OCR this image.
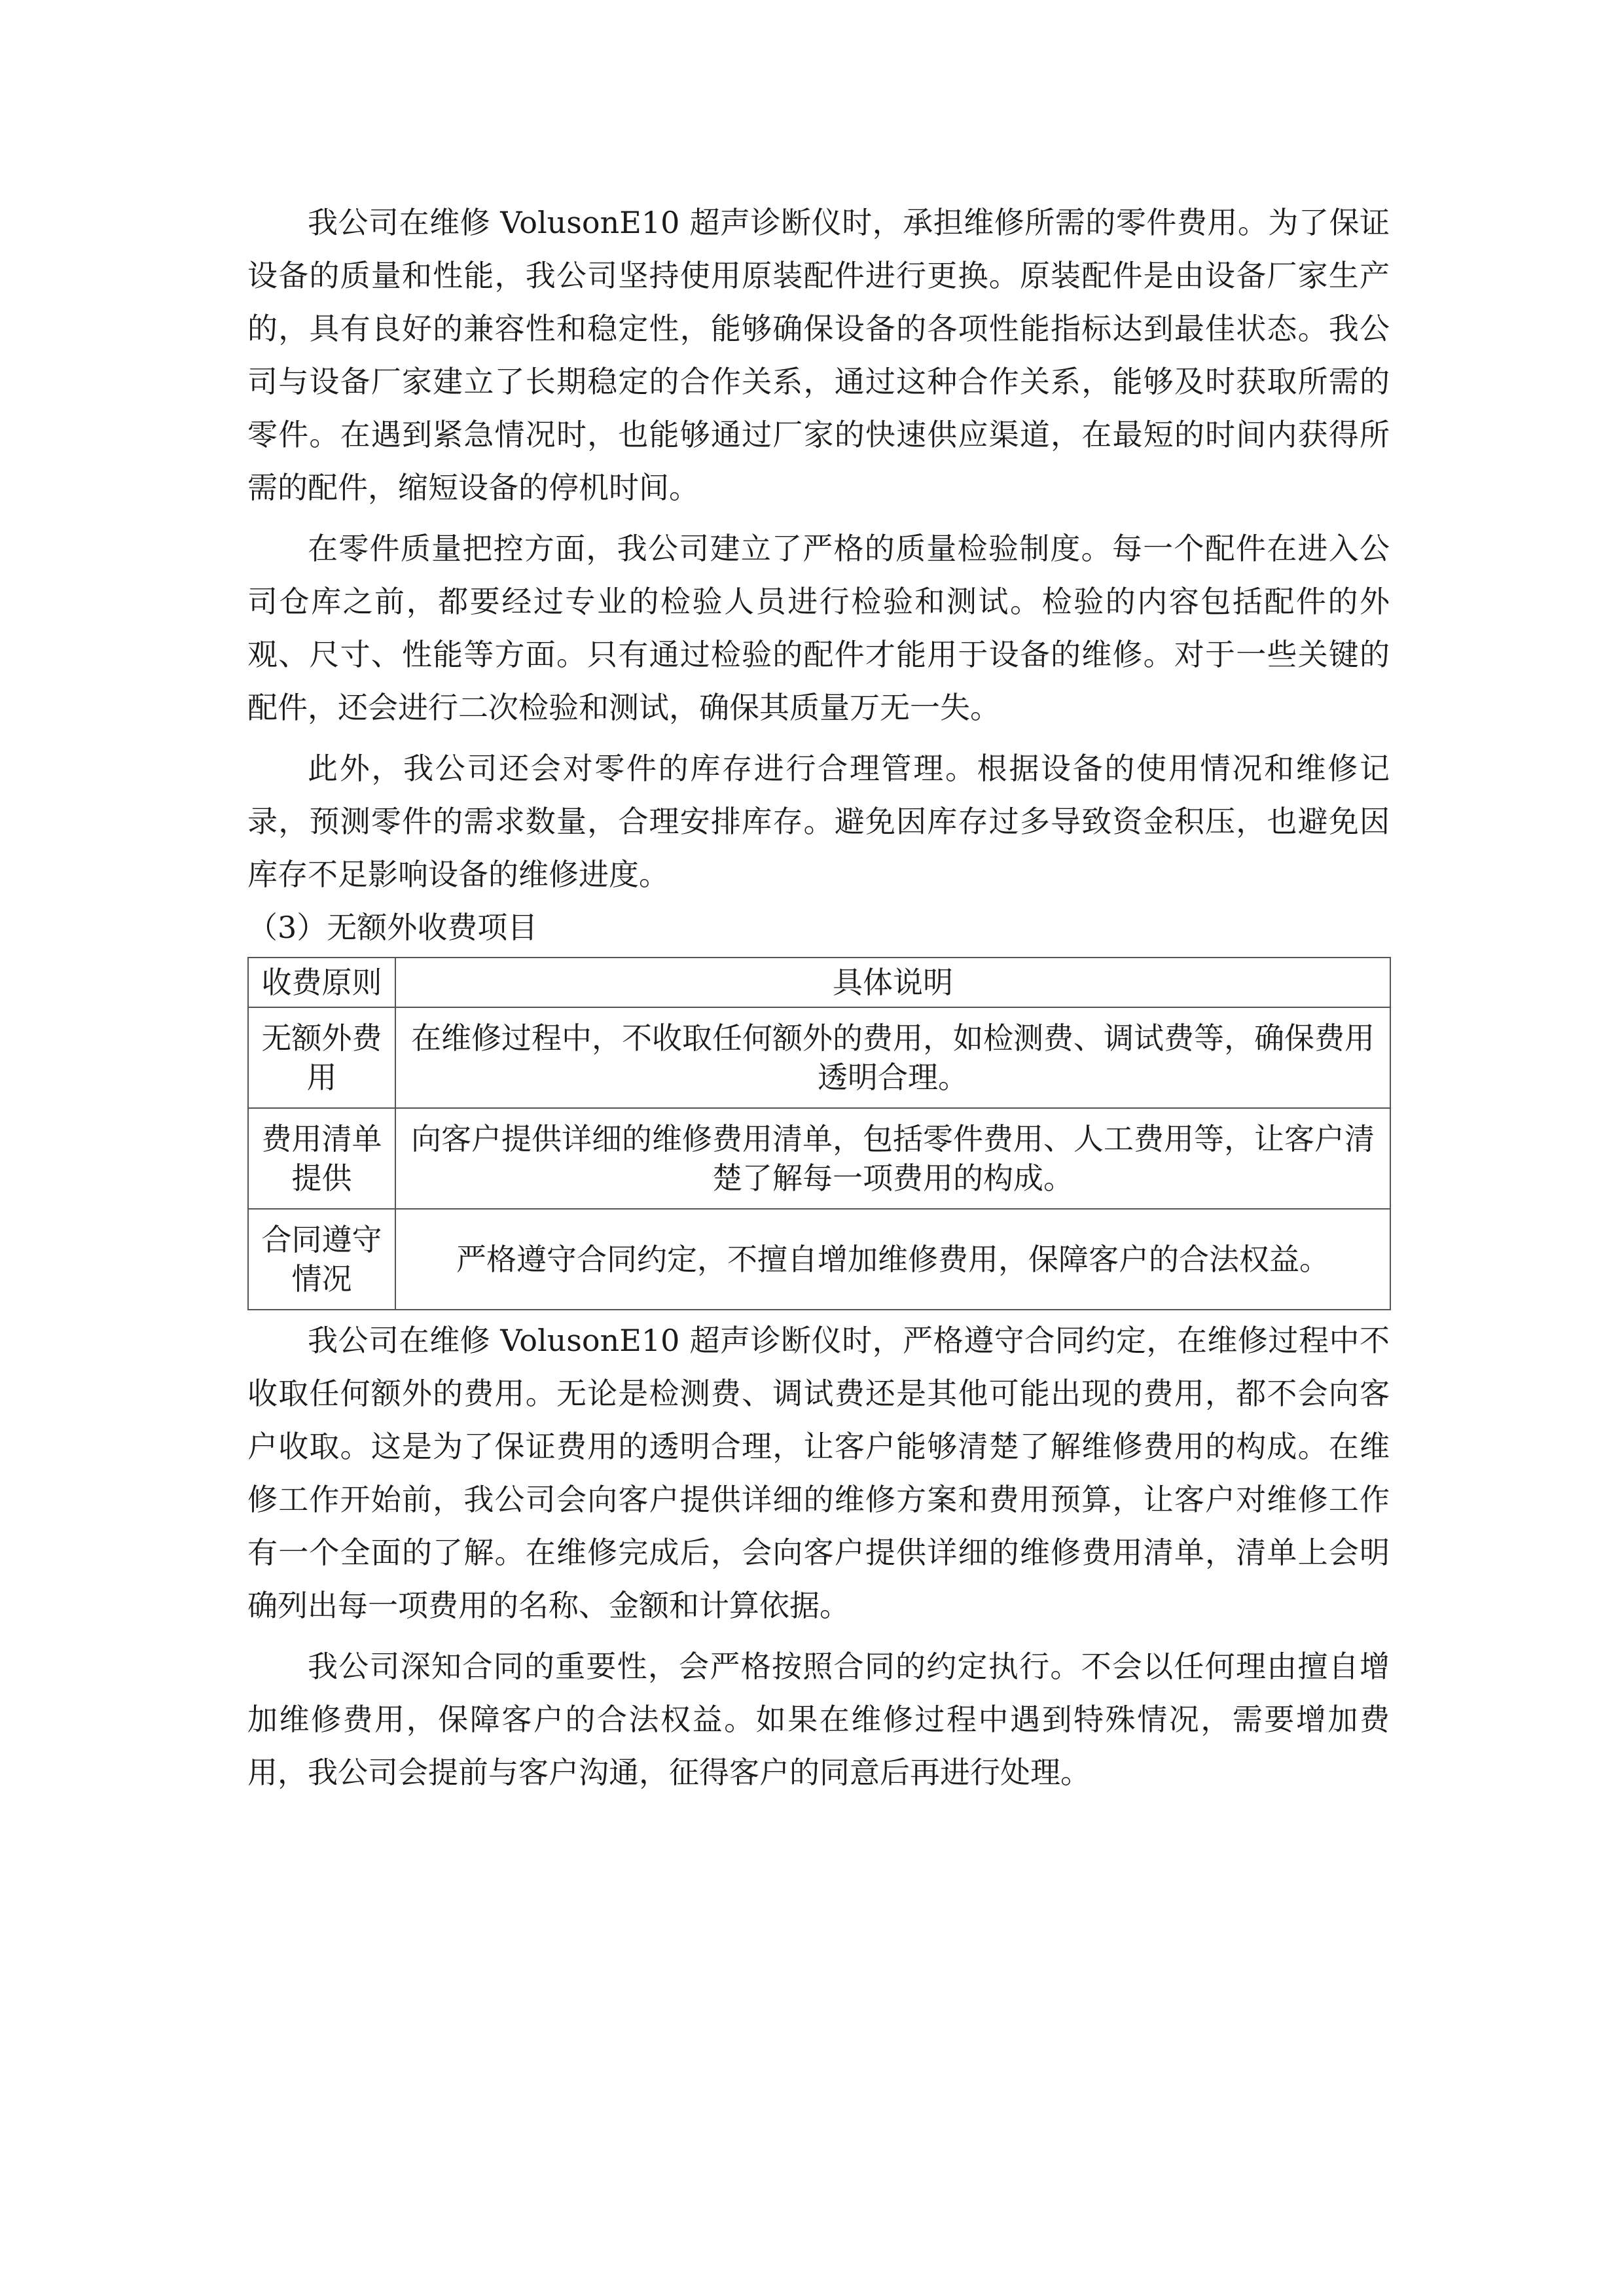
我公司在维修 VolusonE10 超声诊断仪时，承担维修所需的零件费用。为了保证设备的质量和性能，我公司坚持使用原装配件进行更换。原装配件是由设备厂家生产的，具有良好的兼容性和稳定性，能够确保设备的各项性能指标达到最佳状态。我公司与设备厂家建立了长期稳定的合作关系，通过这种合作关系，能够及时获取所需的零件。在遇到紧急情况时，也能够通过厂家的快速供应渠道，在最短的时间内获得所需的配件，缩短设备的停机时间。

在零件质量把控方面，我公司建立了严格的质量检验制度。每一个配件在进入公司仓库之前，都要经过专业的检验人员进行检验和测试。检验的内容包括配件的外观、尺寸、性能等方面。只有通过检验的配件才能用于设备的维修。对于一些关键的配件，还会进行二次检验和测试，确保其质量万无一失。

此外，我公司还会对零件的库存进行合理管理。根据设备的使用情况和维修记录，预测零件的需求数量，合理安排库存。避免因库存过多导致资金积压，也避免因库存不足影响设备的维修进度。

（3）无额外收费项目

收费原则	具体说明
无额外费用	在维修过程中，不收取任何额外的费用，如检测费、调试费等，确保费用透明合理。
费用清单提供	向客户提供详细的维修费用清单，包括零件费用、人工费用等，让客户清楚了解每一项费用的构成。
合同遵守情况	严格遵守合同约定，不擅自增加维修费用，保障客户的合法权益。

我公司在维修 VolusonE10 超声诊断仪时，严格遵守合同约定，在维修过程中不收取任何额外的费用。无论是检测费、调试费还是其他可能出现的费用，都不会向客户收取。这是为了保证费用的透明合理，让客户能够清楚了解维修费用的构成。在维修工作开始前，我公司会向客户提供详细的维修方案和费用预算，让客户对维修工作有一个全面的了解。在维修完成后，会向客户提供详细的维修费用清单，清单上会明确列出每一项费用的名称、金额和计算依据。

我公司深知合同的重要性，会严格按照合同的约定执行。不会以任何理由擅自增加维修费用，保障客户的合法权益。如果在维修过程中遇到特殊情况，需要增加费用，我公司会提前与客户沟通，征得客户的同意后再进行处理。
